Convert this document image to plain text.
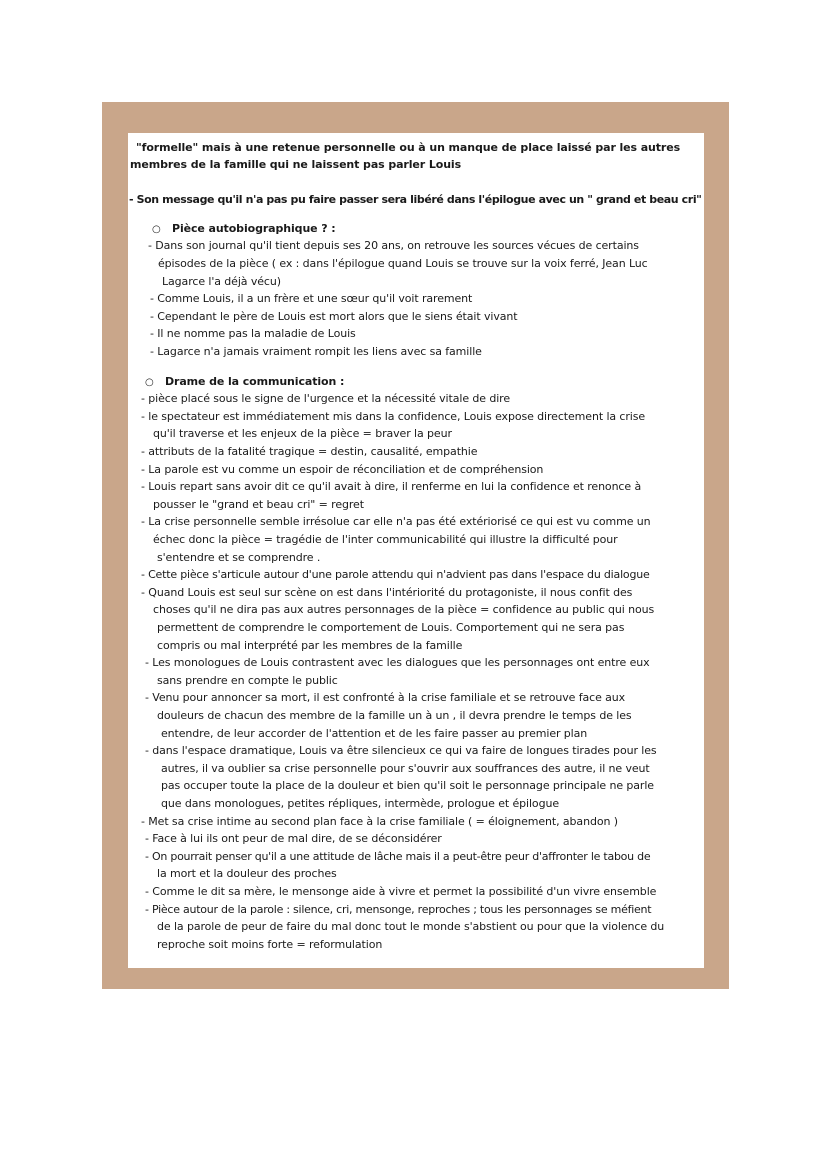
"formelle" mais à une retenue personnelle ou à un manque de place laissé par les autres
membres de la famille qui ne laissent pas parler Louis
- Son message qu'il n'a pas pu faire passer sera libéré dans l'épilogue avec un " grand et beau cri"
○ Pièce autobiographique ? :
- Dans son journal qu'il tient depuis ses 20 ans, on retrouve les sources vécues de certains
épisodes de la pièce ( ex : dans l'épilogue quand Louis se trouve sur la voix ferré, Jean Luc
Lagarce l'a déjà vécu)
- Comme Louis, il a un frère et une sœur qu'il voit rarement
- Cependant le père de Louis est mort alors que le siens était vivant
- Il ne nomme pas la maladie de Louis
- Lagarce n'a jamais vraiment rompit les liens avec sa famille
○ Drame de la communication :
- pièce placé sous le signe de l'urgence et la nécessité vitale de dire
- le spectateur est immédiatement mis dans la confidence, Louis expose directement la crise
qu'il traverse et les enjeux de la pièce = braver la peur
- attributs de la fatalité tragique = destin, causalité, empathie
- La parole est vu comme un espoir de réconciliation et de compréhension
- Louis repart sans avoir dit ce qu'il avait à dire, il renferme en lui la confidence et renonce à
pousser le "grand et beau cri" = regret
- La crise personnelle semble irrésolue car elle n'a pas été extériorisé ce qui est vu comme un
échec donc la pièce = tragédie de l'inter communicabilité qui illustre la difficulté pour
s'entendre et se comprendre .
- Cette pièce s'articule autour d'une parole attendu qui n'advient pas dans l'espace du dialogue
- Quand Louis est seul sur scène on est dans l'intériorité du protagoniste, il nous confit des
choses qu'il ne dira pas aux autres personnages de la pièce = confidence au public qui nous
permettent de comprendre le comportement de Louis. Comportement qui ne sera pas
compris ou mal interprété par les membres de la famille
- Les monologues de Louis contrastent avec les dialogues que les personnages ont entre eux
sans prendre en compte le public
- Venu pour annoncer sa mort, il est confronté à la crise familiale et se retrouve face aux
douleurs de chacun des membre de la famille un à un , il devra prendre le temps de les
entendre, de leur accorder de l'attention et de les faire passer au premier plan
- dans l'espace dramatique, Louis va être silencieux ce qui va faire de longues tirades pour les
autres, il va oublier sa crise personnelle pour s'ouvrir aux souffrances des autre, il ne veut
pas occuper toute la place de la douleur et bien qu'il soit le personnage principale ne parle
que dans monologues, petites répliques, intermède, prologue et épilogue
- Met sa crise intime au second plan face à la crise familiale ( = éloignement, abandon )
- Face à lui ils ont peur de mal dire, de se déconsidérer
- On pourrait penser qu'il a une attitude de lâche mais il a peut-être peur d'affronter le tabou de
la mort et la douleur des proches
- Comme le dit sa mère, le mensonge aide à vivre et permet la possibilité d'un vivre ensemble
- Pièce autour de la parole : silence, cri, mensonge, reproches ; tous les personnages se méfient
de la parole de peur de faire du mal donc tout le monde s'abstient ou pour que la violence du
reproche soit moins forte = reformulation
